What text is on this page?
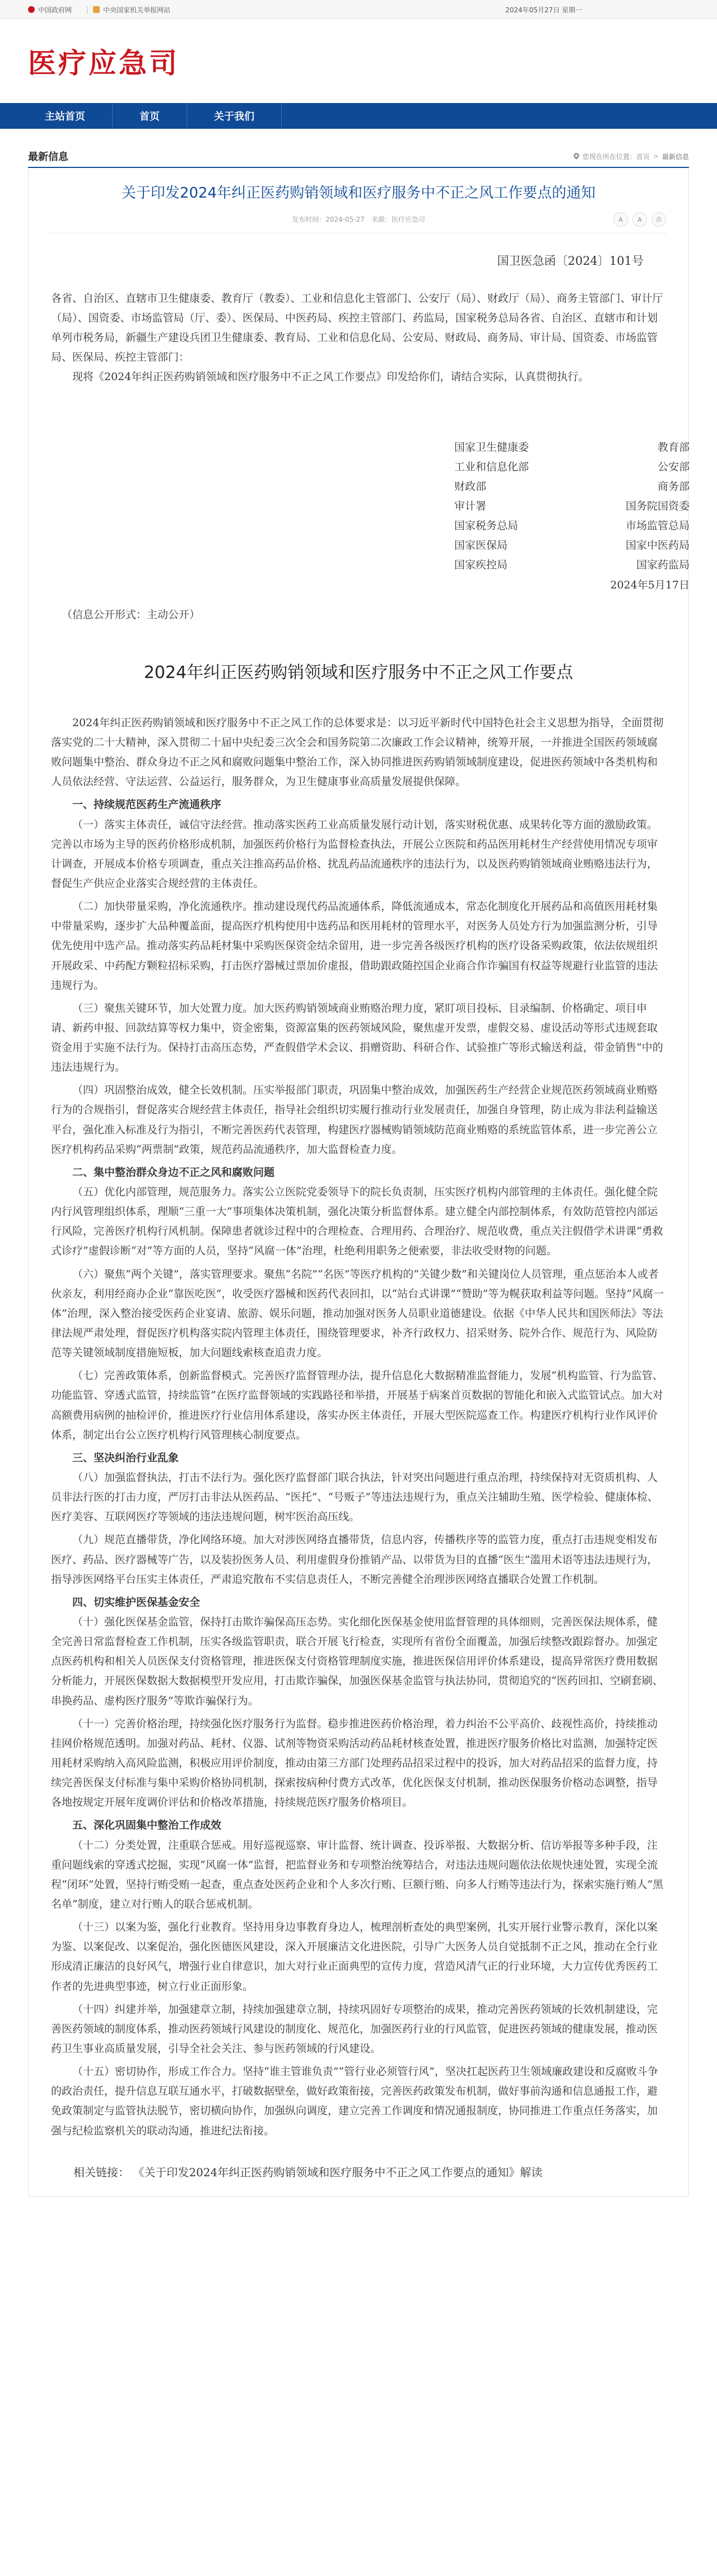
中国政府网 | 中央国家机关举报网站	2024年05月27日 星期一
医疗应急司
主站首页	首页	关于我们
最新信息	您现在所在位置： 首页 > 最新信息
关于印发2024年纠正医药购销领域和医疗服务中不正之风工作要点的通知
发布时间：2024-05-27 来源：医疗应急司	A	A	⎙
国卫医急函〔2024〕101号

各省、自治区、直辖市卫生健康委、教育厅（教委）、工业和信息化主管部门、公安厅（局）、财政厅（局）、商务主管部门、审计厅（局）、国资委、市场监管局（厅、委）、医保局、中医药局、疾控主管部门、药监局，国家税务总局各省、自治区、直辖市和计划单列市税务局，新疆生产建设兵团卫生健康委、教育局、工业和信息化局、公安局、财政局、商务局、审计局、国资委、市场监管局、医保局、疾控主管部门：

现将《2024年纠正医药购销领域和医疗服务中不正之风工作要点》印发给你们，请结合实际，认真贯彻执行。

国家卫生健康委	教育部
工业和信息化部	公安部
财政部	商务部
审计署	国务院国资委
国家税务总局	市场监管总局
国家医保局	国家中医药局
国家疾控局	国家药监局
2024年5月17日

（信息公开形式：主动公开）

2024年纠正医药购销领域和医疗服务中不正之风工作要点

2024年纠正医药购销领域和医疗服务中不正之风工作的总体要求是：以习近平新时代中国特色社会主义思想为指导，全面贯彻落实党的二十大精神，深入贯彻二十届中央纪委三次全会和国务院第二次廉政工作会议精神，统筹开展，一并推进全国医药领域腐败问题集中整治、群众身边不正之风和腐败问题集中整治工作，深入协同推进医药购销领域制度建设，促进医药领域中各类机构和人员依法经营、守法运营、公益运行，服务群众，为卫生健康事业高质量发展提供保障。

一、持续规范医药生产流通秩序

（一）落实主体责任，诚信守法经营。推动落实医药工业高质量发展行动计划，落实财税优惠、成果转化等方面的激励政策。完善以市场为主导的医药价格形成机制，加强医药价格行为监督检查执法，开展公立医院和药品医用耗材生产经营使用情况专项审计调查，开展成本价格专项调查，重点关注推高药品价格、扰乱药品流通秩序的违法行为，以及医药购销领域商业贿赂违法行为，督促生产供应企业落实合规经营的主体责任。

（二）加快带量采购，净化流通秩序。推动建设现代药品流通体系，降低流通成本，常态化制度化开展药品和高值医用耗材集中带量采购，逐步扩大品种覆盖面，提高医疗机构使用中选药品和医用耗材的管理水平，对医务人员处方行为加强监测分析，引导优先使用中选产品。推动落实药品耗材集中采购医保资金结余留用，进一步完善各级医疗机构的医疗设备采购政策，依法依规组织开展政采、中药配方颗粒招标采购，打击医疗器械过票加价虚报，借助跟政随控国企业商合作诈骗国有权益等规避行业监管的违法违规行为。

（三）聚焦关键环节，加大处置力度。加大医药购销领域商业贿赂治理力度，紧盯项目投标、目录编制、价格确定、项目申请、新药申报、回款结算等权力集中，资金密集，资源富集的医药领域风险，聚焦虚开发票，虚假交易、虚设活动等形式违规套取资金用于实施不法行为。保持打击高压态势，严查假借学术会议、捐赠资助、科研合作、试验推广等形式输送利益，带金销售“中的违法违规行为。

（四）巩固整治成效，健全长效机制。压实举报部门职责，巩固集中整治成效，加强医药生产经营企业规范医药领域商业贿赂行为的合规指引，督促落实合规经营主体责任，指导社会组织切实履行推动行业发展责任，加强自身管理，防止成为非法利益输送平台，强化准入标准及行为指引，不断完善医药代表管理，构建医疗器械购销领域防范商业贿赂的系统监管体系，进一步完善公立医疗机构药品采购“两票制”政策，规范药品流通秩序，加大监督检查力度。

二、集中整治群众身边不正之风和腐败问题

（五）优化内部管理，规范服务力。落实公立医院党委领导下的院长负责制，压实医疗机构内部管理的主体责任。强化健全院内行风管理组织体系，理顺“三重一大”事项集体决策机制，强化决策分析监督体系。建立健全内部控制体系，有效防范管控内部运行风险，完善医疗机构行风机制。保障患者就诊过程中的合理检查、合理用药、合理治疗、规范收费，重点关注假借学术讲课“勇救式诊疗”虚假诊断“对“等方面的人员，坚持“风腐一体”治理，杜绝利用职务之便索要，非法收受财物的问题。

（六）聚焦“两个关键”，落实管理要求。聚焦“名院”“名医”等医疗机构的“关键少数”和关键岗位人员管理，重点惩治本人或者伙亲友，利用经商办企业“靠医吃医”，收受医疗器械和医药代表回扣，以“站台式讲课”“赞助”等为幌获取利益等问题。坚持“风腐一体”治理，深入整治接受医药企业宴请、旅游、娱乐问题，推动加强对医务人员职业道德建设。依据《中华人民共和国医师法》等法律法规严肃处理，督促医疗机构落实院内管理主体责任，围绕管理要求，补齐行政权力、招采财务、院外合作、规范行为、风险防范等关键领域制度措施短板，加大问题线索核查追责力度。

（七）完善政策体系，创新监督模式。完善医疗监督管理办法，提升信息化大数据精准监督能力，发展“机构监管、行为监管、功能监管、穿透式监管，持续监管”在医疗监督领域的实践路径和举措，开展基于病案首页数据的智能化和嵌入式监管试点。加大对高额费用病例的抽检评价，推进医疗行业信用体系建设，落实办医主体责任，开展大型医院巡查工作。构建医疗机构行业作风评价体系，制定出台公立医疗机构行风管理核心制度要点。

三、坚决纠治行业乱象

（八）加强监督执法，打击不法行为。强化医疗监督部门联合执法，针对突出问题进行重点治理，持续保持对无资质机构、人员非法行医的打击力度，严厉打击非法从医药品、“医托”、“号贩子”等违法违规行为，重点关注辅助生殖、医学检验、健康体检、医疗美容、互联网医疗等领域的违法违规问题，树牢医治高压线。

（九）规范直播带货，净化网络环境。加大对涉医网络直播带货，信息内容，传播秩序等的监管力度，重点打击违规变相发布医疗、药品、医疗器械等广告，以及装扮医务人员、利用虚假身份推销产品、以带货为目的直播“医生”滥用术语等违法违规行为，指导涉医网络平台压实主体责任，严肃追究散布不实信息责任人，不断完善健全治理涉医网络直播联合处置工作机制。

四、切实维护医保基金安全

（十）强化医保基金监管，保持打击欺诈骗保高压态势。实化细化医保基金使用监督管理的具体细则，完善医保法规体系，健全完善日常监督检查工作机制，压实各级监管职责，联合开展飞行检查，实现所有省份全面覆盖，加强后续整改跟踪督办。加强定点医药机构和相关人员医保支付资格管理，推进医保支付资格管理制度实施，推进医保信用评价体系建设，提高异常医疗费用数据分析能力，开展医保数据大数据模型开发应用，打击欺诈骗保，加强医保基金监管与执法协同，贯彻追究的“医药回扣、空刷套刷、串换药品、虚构医疗服务”等欺诈骗保行为。

（十一）完善价格治理，持续强化医疗服务行为监督。稳步推进医药价格治理，着力纠治不公平高价、歧视性高价，持续推动挂网价格规范透明。加强对药品、耗材、仪器、试剂等物资采购活动药品耗材核查处置，推进医疗服务价格比对监测，加强特定医用耗材采购纳入高风险监测，积极应用评价制度，推动由第三方部门处理药品招采过程中的投诉，加大对药品招采的监督力度，持续完善医保支付标准与集中采购价格协同机制，探索按病种付费方式改革，优化医保支付机制，推动医保服务价格动态调整，指导各地按规定开展年度调价评估和价格改革措施，持续规范医疗服务价格项目。

五、深化巩固集中整治工作成效

（十二）分类处置，注重联合惩戒。用好巡视巡察、审计监督、统计调查、投诉举报、大数据分析、信访举报等多种手段，注重问题线索的穿透式挖掘，实现“风腐一体”监督，把监督业务和专项整治统筹结合，对违法违规问题依法依规快速处置，实现全流程“闭环”处置，坚持行贿受贿一起查，重点查处医药企业和个人多次行贿、巨额行贿、向多人行贿等违法行为，探索实施行贿人“黑名单”制度，建立对行贿人的联合惩戒机制。

（十三）以案为鉴，强化行业教育。坚持用身边事教育身边人，梳理剖析查处的典型案例，扎实开展行业警示教育，深化以案为鉴、以案促改、以案促治，强化医德医风建设，深入开展廉洁文化进医院，引导广大医务人员自觉抵制不正之风，推动在全行业形成清正廉洁的良好风气，增强行业自律意识，加大对行业正面典型的宣传力度，营造风清气正的行业环境，大力宣传优秀医药工作者的先进典型事迹，树立行业正面形象。

（十四）纠建并举，加强建章立制，持续加强建章立制，持续巩固好专项整治的成果，推动完善医药领域的长效机制建设，完善医药领域的制度体系，推动医药领域行风建设的制度化、规范化，加强医药行业的行风监管，促进医药领域的健康发展，推动医药卫生事业高质量发展，引导全社会关注、参与医药领域的行风建设。

（十五）密切协作，形成工作合力。坚持“谁主管谁负责”“管行业必须管行风”，坚决扛起医药卫生领域廉政建设和反腐败斗争的政治责任，提升信息互联互通水平，打破数据壁垒，做好政策衔接，完善医药政策发布机制，做好事前沟通和信息通报工作，避免政策制定与监管执法脱节，密切横向协作，加强纵向调度，建立完善工作调度和情况通报制度，协同推进工作重点任务落实，加强与纪检监察机关的联动沟通，推进纪法衔接。

相关链接： 《关于印发2024年纠正医药购销领域和医疗服务中不正之风工作要点的通知》解读
